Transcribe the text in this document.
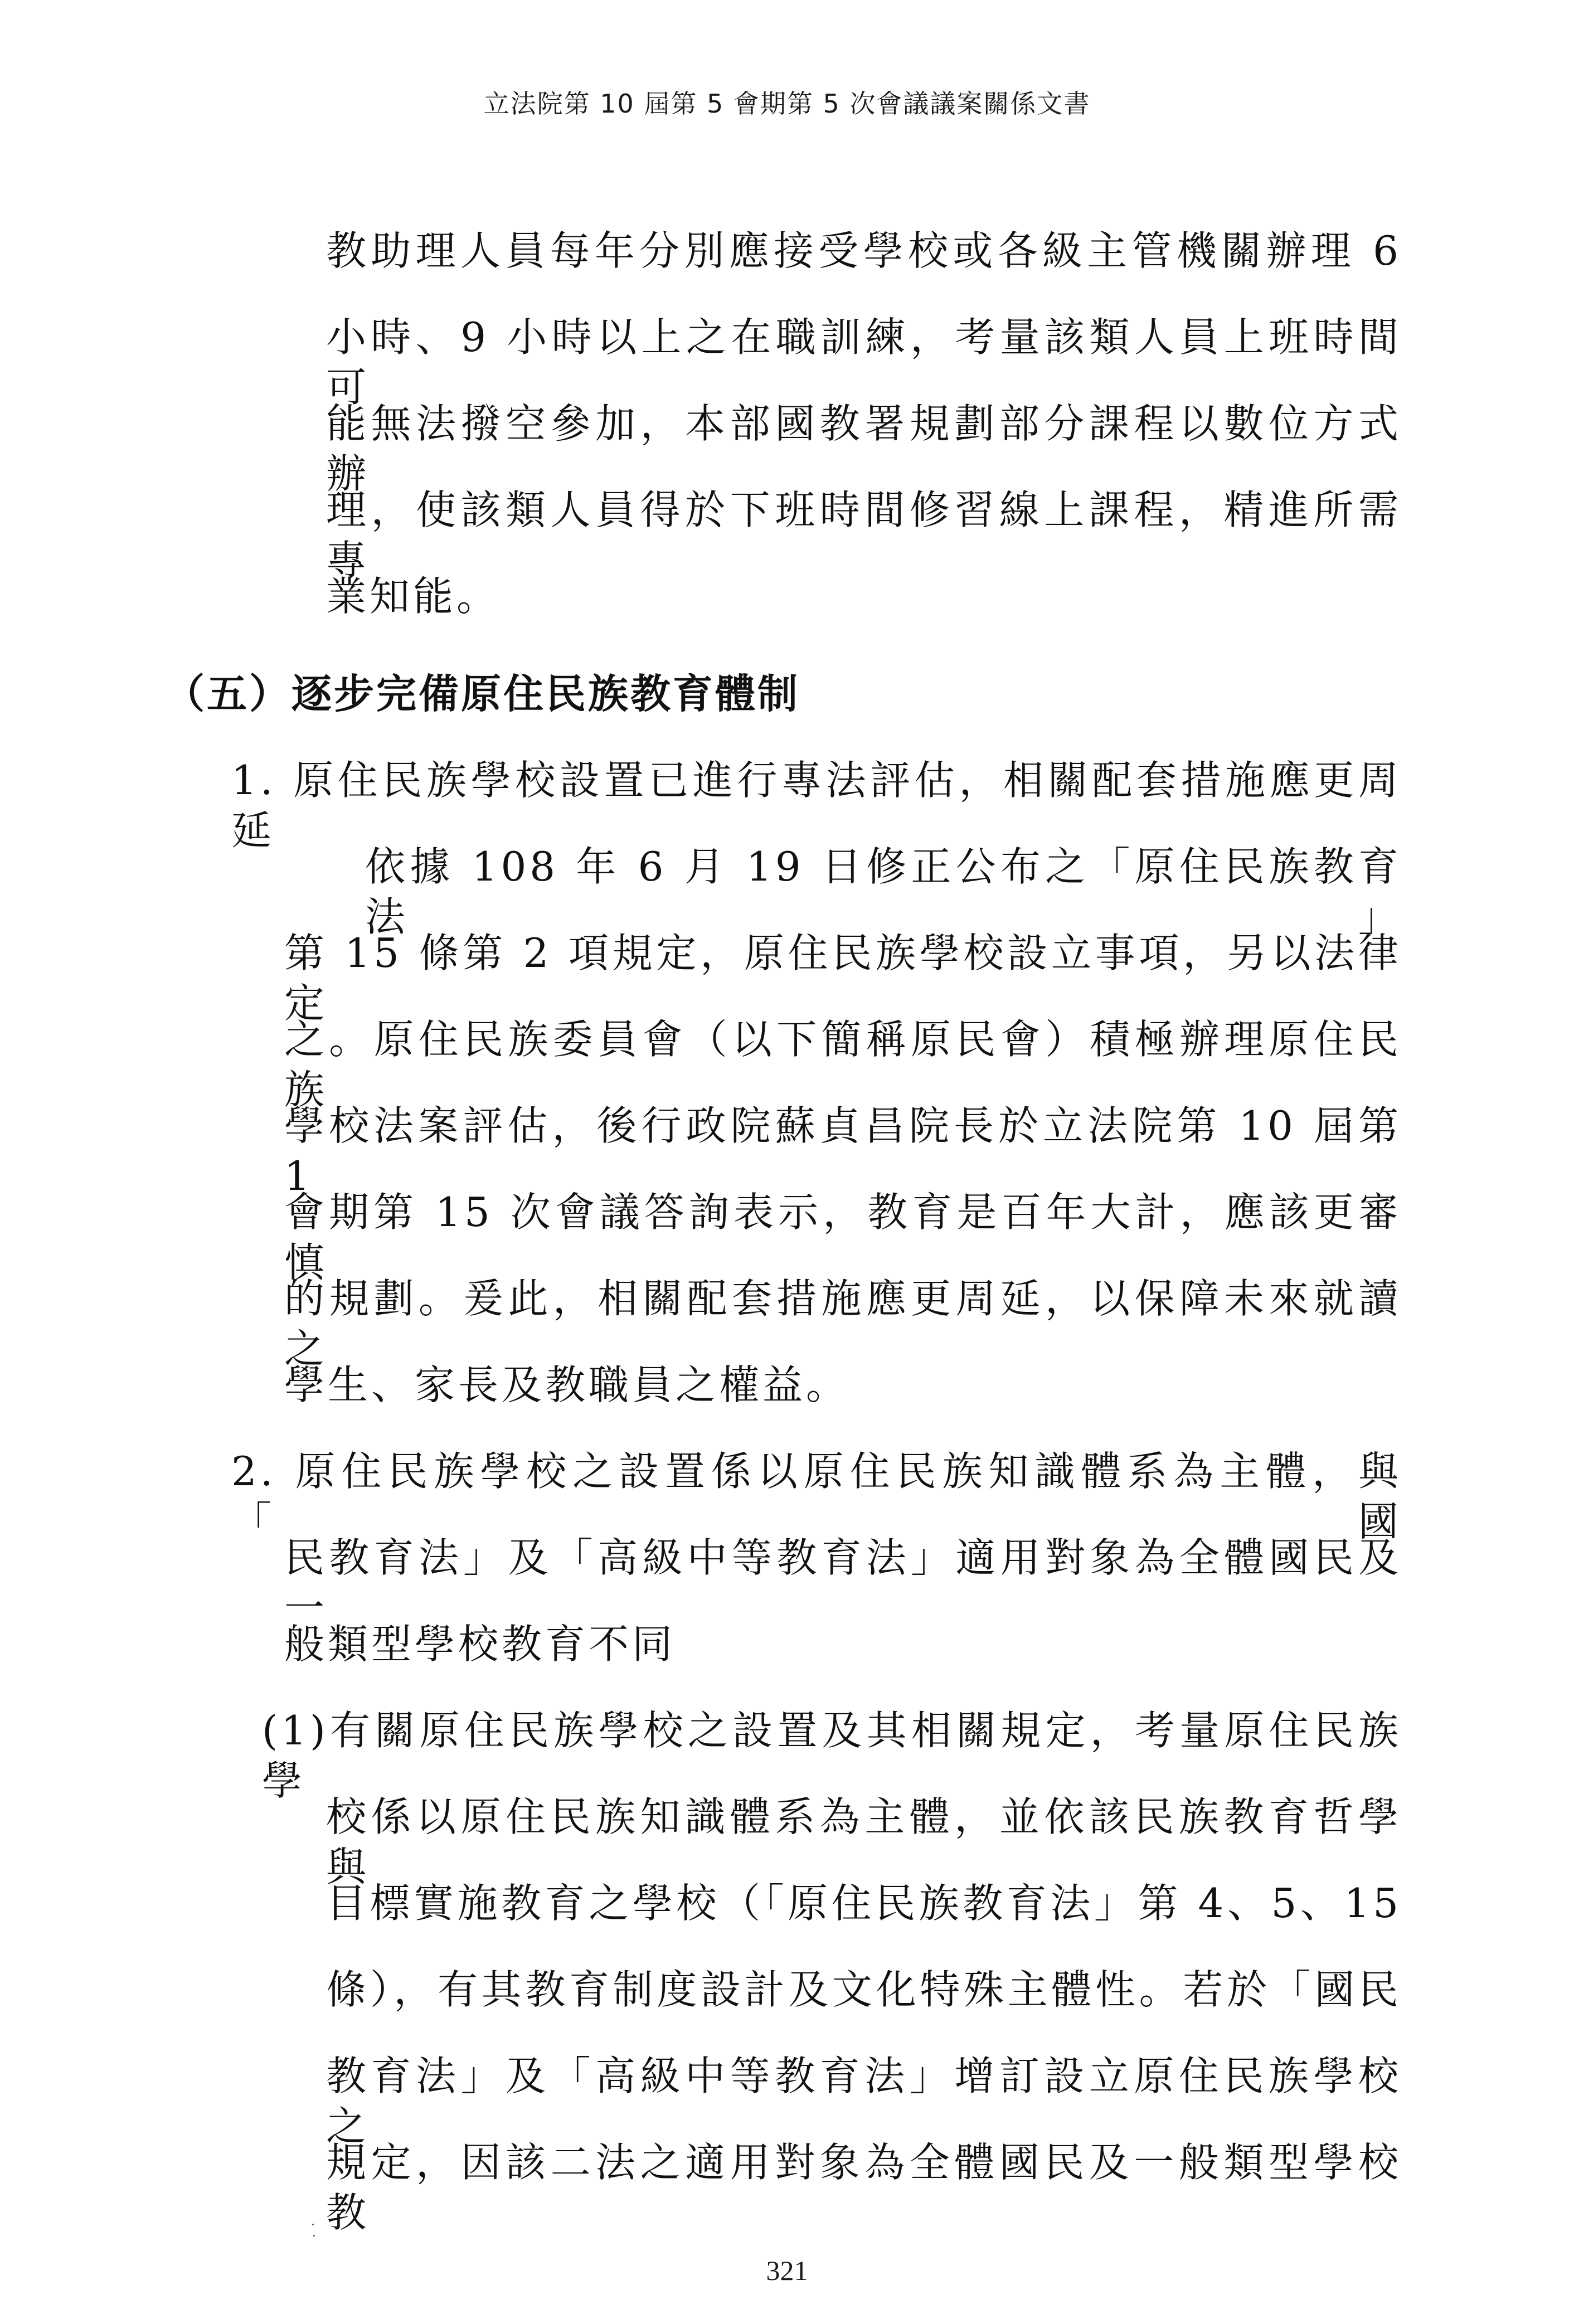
立法院第 10 屆第 5 會期第 5 次會議議案關係文書
教助理人員每年分別應接受學校或各級主管機關辦理 6
小時、9 小時以上之在職訓練，考量該類人員上班時間可
能無法撥空參加，本部國教署規劃部分課程以數位方式辦
理，使該類人員得於下班時間修習線上課程，精進所需專
業知能。
（五）逐步完備原住民族教育體制
1. 原住民族學校設置已進行專法評估，相關配套措施應更周延
依據 108 年 6 月 19 日修正公布之「原住民族教育法」
第 15 條第 2 項規定，原住民族學校設立事項，另以法律定
之。原住民族委員會（以下簡稱原民會）積極辦理原住民族
學校法案評估，後行政院蘇貞昌院長於立法院第 10 屆第 1
會期第 15 次會議答詢表示，教育是百年大計，應該更審慎
的規劃。爰此，相關配套措施應更周延，以保障未來就讀之
學生、家長及教職員之權益。
2. 原住民族學校之設置係以原住民族知識體系為主體，與「國
民教育法」及「高級中等教育法」適用對象為全體國民及一
般類型學校教育不同
(1)有關原住民族學校之設置及其相關規定，考量原住民族學
校係以原住民族知識體系為主體，並依該民族教育哲學與
目標實施教育之學校（「原住民族教育法」第 4、5、15
條），有其教育制度設計及文化特殊主體性。若於「國民
教育法」及「高級中等教育法」增訂設立原住民族學校之
規定，因該二法之適用對象為全體國民及一般類型學校教
321
